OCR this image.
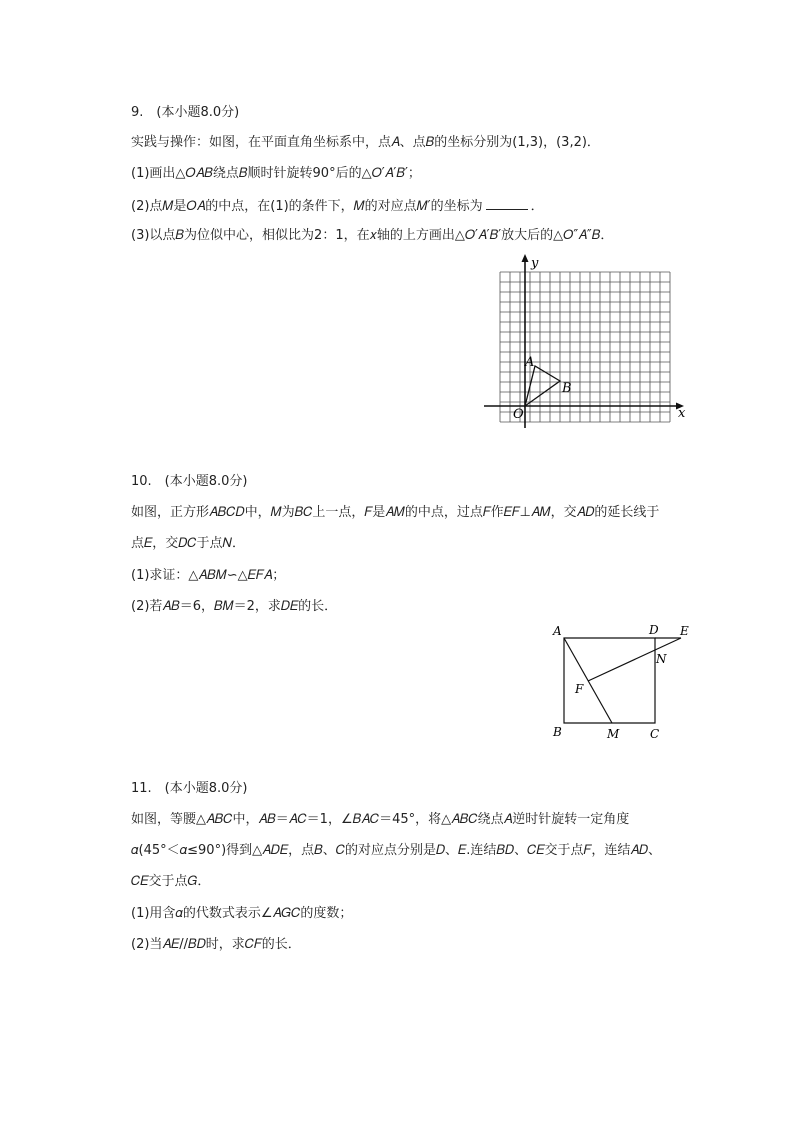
9.　(本小题8.0分)
实践与操作：如图，在平面直角坐标系中，点𝐴、点𝐵的坐标分别为(1,3)，(3,2)．
(1)画出△𝑂𝐴𝐵绕点𝐵顺时针旋转90°后的△𝑂′𝐴′𝐵′；
(2)点𝑀是𝑂𝐴的中点，在(1)的条件下，𝑀的对应点𝑀′的坐标为	．
(3)以点𝐵为位似中心，相似比为2：1，在𝑥轴的上方画出△𝑂′𝐴′𝐵′放大后的△𝑂″𝐴″𝐵．
y
x
O
A
B
10.　(本小题8.0分)
如图，正方形𝐴𝐵𝐶𝐷中，𝑀为𝐵𝐶上一点，𝐹是𝐴𝑀的中点，过点𝐹作𝐸𝐹⊥𝐴𝑀，交𝐴𝐷的延长线于
点𝐸，交𝐷𝐶于点𝑁．
(1)求证：△𝐴𝐵𝑀∽△𝐸𝐹𝐴；
(2)若𝐴𝐵＝6，𝐵𝑀＝2，求𝐷𝐸的长．
A	D E
N
F
B	M	C
11.　(本小题8.0分)
如图，等腰△𝐴𝐵𝐶中，𝐴𝐵＝𝐴𝐶＝1，∠𝐵𝐴𝐶＝45°，将△𝐴𝐵𝐶绕点𝐴逆时针旋转一定角度
𝛼(45°＜𝛼≤90°)得到△𝐴𝐷𝐸，点𝐵、𝐶的对应点分别是𝐷、𝐸.连结𝐵𝐷、𝐶𝐸交于点𝐹，连结𝐴𝐷、
𝐶𝐸交于点𝐺．
(1)用含𝛼的代数式表示∠𝐴𝐺𝐶的度数；
(2)当𝐴𝐸//𝐵𝐷时，求𝐶𝐹的长．
